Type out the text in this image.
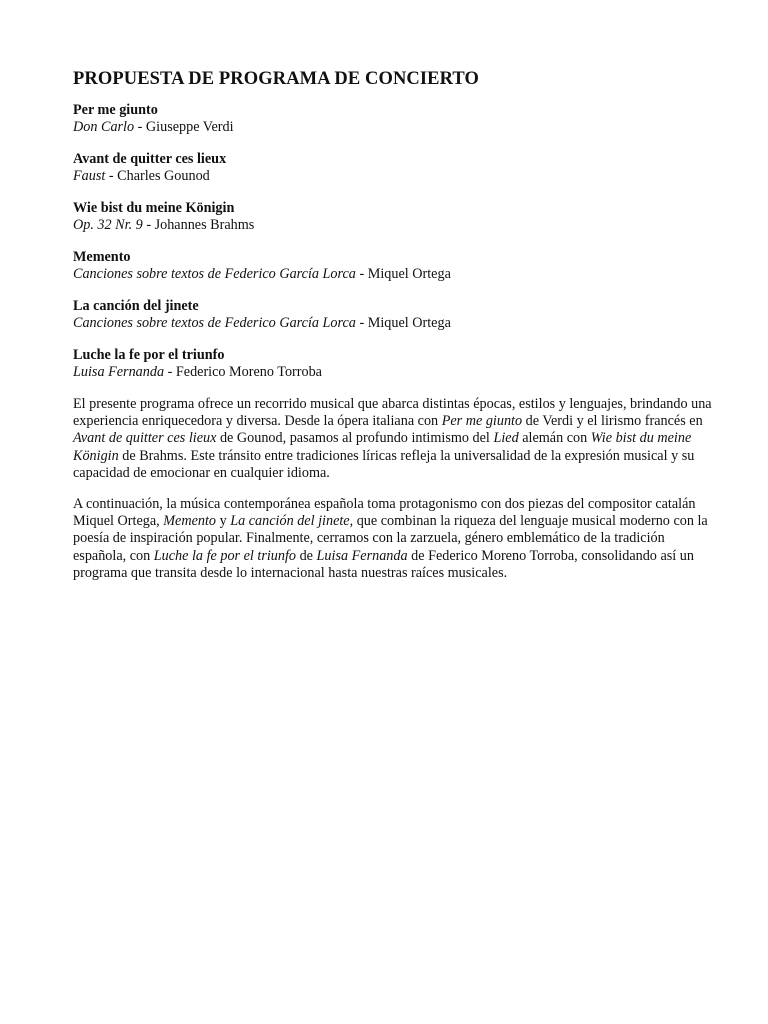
PROPUESTA DE PROGRAMA DE CONCIERTO
Per me giunto
Don Carlo - Giuseppe Verdi
Avant de quitter ces lieux
Faust - Charles Gounod
Wie bist du meine Königin
Op. 32 Nr. 9 - Johannes Brahms
Memento
Canciones sobre textos de Federico García Lorca - Miquel Ortega
La canción del jinete
Canciones sobre textos de Federico García Lorca - Miquel Ortega
Luche la fe por el triunfo
Luisa Fernanda - Federico Moreno Torroba

El presente programa ofrece un recorrido musical que abarca distintas épocas, estilos y lenguajes, brindando una experiencia enriquecedora y diversa. Desde la ópera italiana con Per me giunto de Verdi y el lirismo francés en Avant de quitter ces lieux de Gounod, pasamos al profundo intimismo del Lied alemán con Wie bist du meine Königin de Brahms. Este tránsito entre tradiciones líricas refleja la universalidad de la expresión musical y su capacidad de emocionar en cualquier idioma.

A continuación, la música contemporánea española toma protagonismo con dos piezas del compositor catalán Miquel Ortega, Memento y La canción del jinete, que combinan la riqueza del lenguaje musical moderno con la poesía de inspiración popular. Finalmente, cerramos con la zarzuela, género emblemático de la tradición española, con Luche la fe por el triunfo de Luisa Fernanda de Federico Moreno Torroba, consolidando así un programa que transita desde lo internacional hasta nuestras raíces musicales.
